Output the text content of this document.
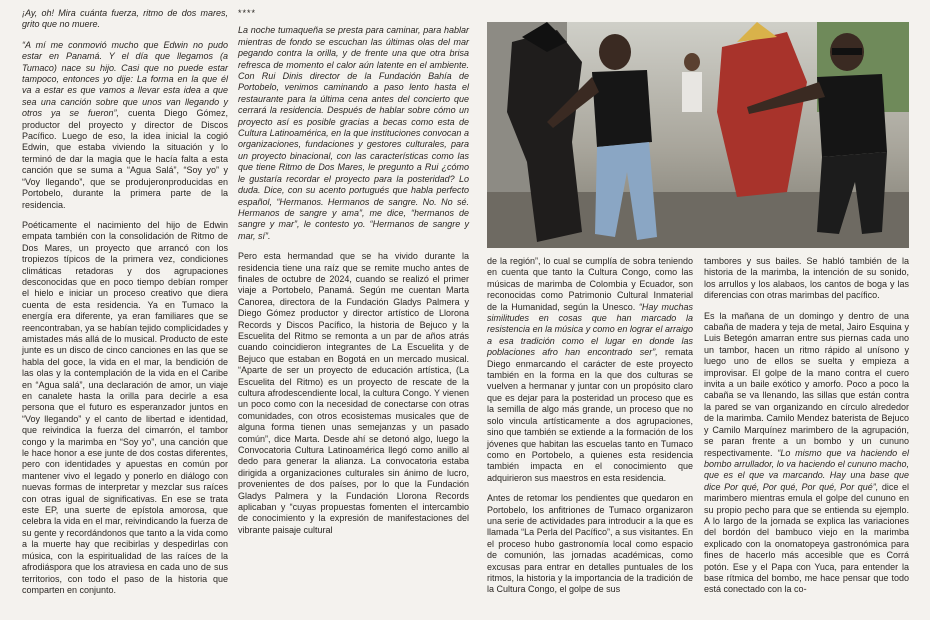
¡Ay, oh! Mira cuánta fuerza, ritmo de dos mares, grito que no muere.

“A mí me conmovió mucho que Edwin no pudo estar en Panamá. Y el día que llegamos (a Tumaco) nace su hijo. Casi que no puede estar tampoco, entonces yo dije: La forma en la que él va a estar es que vamos a llevar esta idea a que sea una canción sobre que unos van llegando y otros ya se fueron”, cuenta Diego Gómez, productor del proyecto y director de Discos Pacífico. Luego de eso, la idea inicial la cogió Edwin, que estaba viviendo la situación y lo terminó de dar la magia que le hacía falta a esta canción que se suma a “Agua Salá”, “Soy yo” y “Voy llegando”, que se produjeronproducidas en Portobelo, durante la primera parte de la residencia.

Poéticamente el nacimiento del hijo de Edwin empata también con la consolidación de Ritmo de Dos Mares, un proyecto que arrancó con los tropiezos típicos de la primera vez, condiciones climáticas retadoras y dos agrupaciones desconocidas que en poco tiempo debían romper el hielo e iniciar un proceso creativo que diera cuenta de esta residencia. Ya en Tumaco la energía era diferente, ya eran familiares que se reencontraban, ya se habían tejido complicidades y amistades más allá de lo musical. Producto de este junte es un disco de cinco canciones en las que se habla del goce, la vida en el mar, la bendición de las olas y la contemplación de la vida en el Caribe en “Agua salá”, una declaración de amor, un viaje en canalete hasta la orilla para decirle a esa persona que el futuro es esperanzador juntos en “Voy llegando” y el canto de libertad e identidad, que reivindica la fuerza del cimarrón, el tambor congo y la marimba en “Soy yo”, una canción que le hace honor a ese junte de dos costas diferentes, pero con identidades y apuestas en común por mantener vivo el legado y ponerlo en diálogo con nuevas formas de interpretar y mezclar sus raíces con otras igual de significativas. En ese se trata este EP, una suerte de epístola amorosa, que celebra la vida en el mar, reivindicando la fuerza de su gente y recordándonos que tanto a la vida como a la muerte hay que recibirlas y despedirlas con música, con la espiritualidad de las raíces de la afrodiáspora que los atraviesa en cada uno de sus territorios, con todo el paso de la historia que comparten en conjunto.

****

La noche tumaqueña se presta para caminar, para hablar mientras de fondo se escuchan las últimas olas del mar pegando contra la orilla, y de frente una que otra brisa refresca de momento el calor aún latente en el ambiente. Con Rui Dinis director de la Fundación Bahía de Portobelo, venimos caminando a paso lento hasta el restaurante para la última cena antes del concierto que cerrará la residencia. Después de hablar sobre cómo un proyecto así es posible gracias a becas como esta de Cultura Latinoamérica, en la que instituciones convocan a organizaciones, fundaciones y gestores culturales, para un proyecto binacional, con las características como las que tiene Ritmo de Dos Mares, le pregunto a Rui ¿cómo le gustaría recordar el proyecto para la posteridad? Lo duda. Dice, con su acento portugués que habla perfecto español, “Hermanos. Hermanos de sangre. No. No sé. Hermanos de sangre y ama”, me dice, “hermanos de sangre y mar”, le contesto yo. “Hermanos de sangre y mar, sí”.

Pero esta hermandad que se ha vivido durante la residencia tiene una raíz que se remite mucho antes de finales de octubre de 2024, cuando se realizó el primer viaje a Portobelo, Panamá. Según me cuentan Marta Canorea, directora de la Fundación Gladys Palmera y Diego Gómez productor y director artístico de Llorona Records y Discos Pacífico, la historia de Bejuco y la Escuelita del Ritmo se remonta a un par de años atrás cuando coincidieron integrantes de La Escuelita y de Bejuco que estaban en Bogotá en un mercado musical. “Aparte de ser un proyecto de educación artística, (La Escuelita del Ritmo) es un proyecto de rescate de la cultura afrodescendiente local, la cultura Congo. Y vienen un poco como con la necesidad de conectarse con otras comunidades, con otros ecosistemas musicales que de alguna forma tienen unas semejanzas y un pasado común”, dice Marta. Desde ahí se detonó algo, luego la Convocatoria Cultura Latinoamérica llegó como anillo al dedo para generar la alianza. La convocatoria estaba dirigida a organizaciones culturales sin ánimo de lucro, provenientes de dos países, por lo que la Fundación Gladys Palmera y la Fundación Llorona Records aplicaban y “cuyas propuestas fomenten el intercambio de conocimiento y la expresión de manifestaciones del vibrante paisaje cultural

de la región”, lo cual se cumplía de sobra teniendo en cuenta que tanto la Cultura Congo, como las músicas de marimba de Colombia y Ecuador, son reconocidas como Patrimonio Cultural Inmaterial de la Humanidad, según la Unesco. “Hay muchas similitudes en cosas que han marcado la resistencia en la música y como en lograr el arraigo a esa tradición como el lugar en donde las poblaciones afro han encontrado ser”, remata Diego enmarcando el carácter de este proyecto también en la forma en la que dos culturas se vuelven a hermanar y juntar con un propósito claro que es dejar para la posteridad un proceso que es la semilla de algo más grande, un proceso que no solo vincula artísticamente a dos agrupaciones, sino que también se extiende a la formación de los jóvenes que habitan las escuelas tanto en Tumaco como en Portobelo, a quienes esta residencia también impacta en el conocimiento que adquirieron sus maestros en esta residencia.

Antes de retomar los pendientes que quedaron en Portobelo, los anfitriones de Tumaco organizaron una serie de actividades para introducir a la que es llamada “La Perla del Pacífico”, a sus visitantes. En el proceso hubo gastronomía local como espacio de comunión, las jornadas académicas, como excusas para entrar en detalles puntuales de los ritmos, la historia y la importancia de la tradición de la Cultura Congo, el golpe de sus

tambores y sus bailes. Se habló también de la historia de la marimba, la intención de su sonido, los arrullos y los alabaos, los cantos de boga y las diferencias con otras marimbas del pacífico.

Es la mañana de un domingo y dentro de una cabaña de madera y teja de metal, Jairo Esquina y Luis Betegón amarran entre sus piernas cada uno un tambor, hacen un ritmo rápido al unísono y luego uno de ellos se suelta y empieza a improvisar. El golpe de la mano contra el cuero invita a un baile exótico y amorfo. Poco a poco la cabaña se va llenando, las sillas que están contra la pared se van organizando en círculo alrededor de la marimba. Camilo Mendez baterista de Bejuco y Camilo Marquínez marimbero de la agrupación, se paran frente a un bombo y un cununo respectivamente. “Lo mismo que va haciendo el bombo arrullador, lo va haciendo el cununo macho, que es el que va marcando. Hay una base que dice Por qué, Por qué, Por qué, Por qué”, dice el marimbero mientras emula el golpe del cununo en su propio pecho para que se entienda su ejemplo. A lo largo de la jornada se explica las variaciones del bordón del bambuco viejo en la marimba explicado con la onomatopeya gastronómica para fines de hacerlo más accesible que es Corrá potón. Ese y el Papa con Yuca, para entender la base rítmica del bombo, me hace pensar que todo está conectado con la co-
